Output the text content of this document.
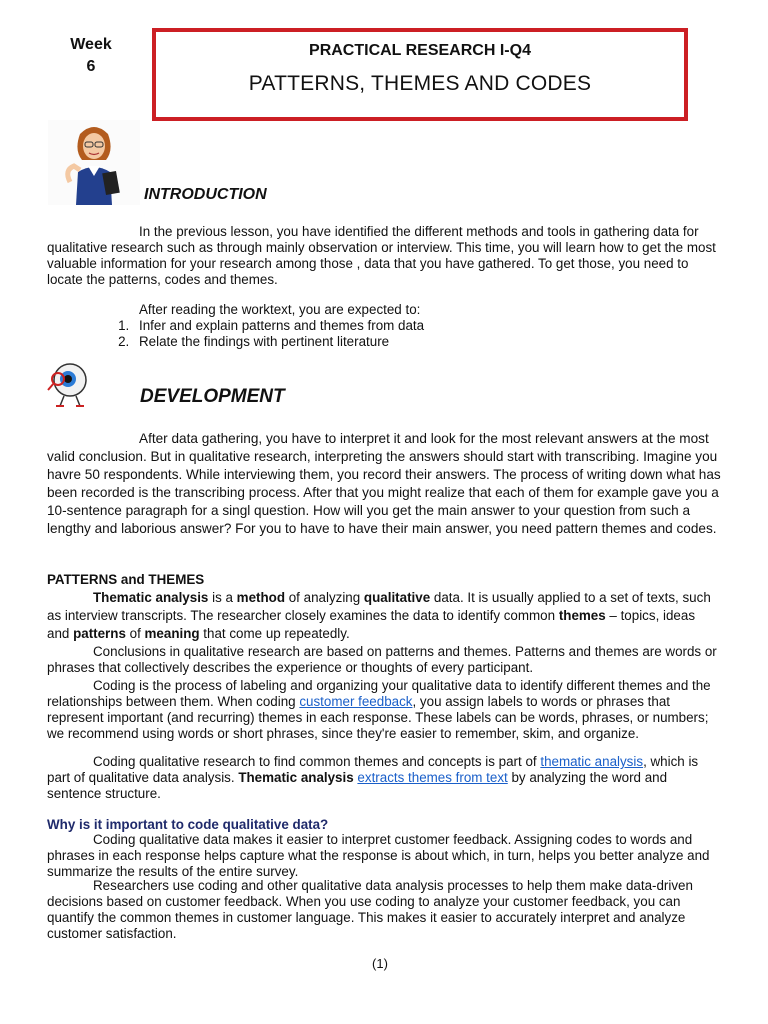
Week
6
PRACTICAL RESEARCH I-Q4
PATTERNS, THEMES AND CODES
INTRODUCTION
In the previous lesson, you have identified the different methods and tools in gathering data for qualitative research such as through mainly observation or interview. This time, you will learn how to get the most valuable information for your research among those , data that you have gathered. To get those, you need to locate the patterns, codes and themes.
After reading the worktext, you are expected to:
1. Infer and explain patterns and themes from data
2. Relate the findings with pertinent literature
DEVELOPMENT
After data gathering, you have to interpret it and look for the most relevant answers at the most valid conclusion. But in qualitative research, interpreting the answers should start with transcribing. Imagine you havre 50 respondents. While interviewing them, you record their answers. The process of writing down what has been recorded is the transcribing process. After that you might realize that each of them for example gave you a 10-sentence paragraph for a singl question. How will you get the main answer to your question from such a lengthy and laborious answer? For you to have to have their main answer, you need pattern themes and codes.
PATTERNS and THEMES
Thematic analysis is a method of analyzing qualitative data. It is usually applied to a set of texts, such as interview transcripts. The researcher closely examines the data to identify common themes – topics, ideas and patterns of meaning that come up repeatedly.
Conclusions in qualitative research are based on patterns and themes. Patterns and themes are words or phrases that collectively describes the experience or thoughts of every participant.
Coding is the process of labeling and organizing your qualitative data to identify different themes and the relationships between them. When coding customer feedback, you assign labels to words or phrases that represent important (and recurring) themes in each response. These labels can be words, phrases, or numbers; we recommend using words or short phrases, since they're easier to remember, skim, and organize.
Coding qualitative research to find common themes and concepts is part of thematic analysis, which is part of qualitative data analysis. Thematic analysis extracts themes from text by analyzing the word and sentence structure.
Why is it important to code qualitative data?
Coding qualitative data makes it easier to interpret customer feedback. Assigning codes to words and phrases in each response helps capture what the response is about which, in turn, helps you better analyze and summarize the results of the entire survey.
Researchers use coding and other qualitative data analysis processes to help them make data-driven decisions based on customer feedback. When you use coding to analyze your customer feedback, you can quantify the common themes in customer language. This makes it easier to accurately interpret and analyze customer satisfaction.
(1)
